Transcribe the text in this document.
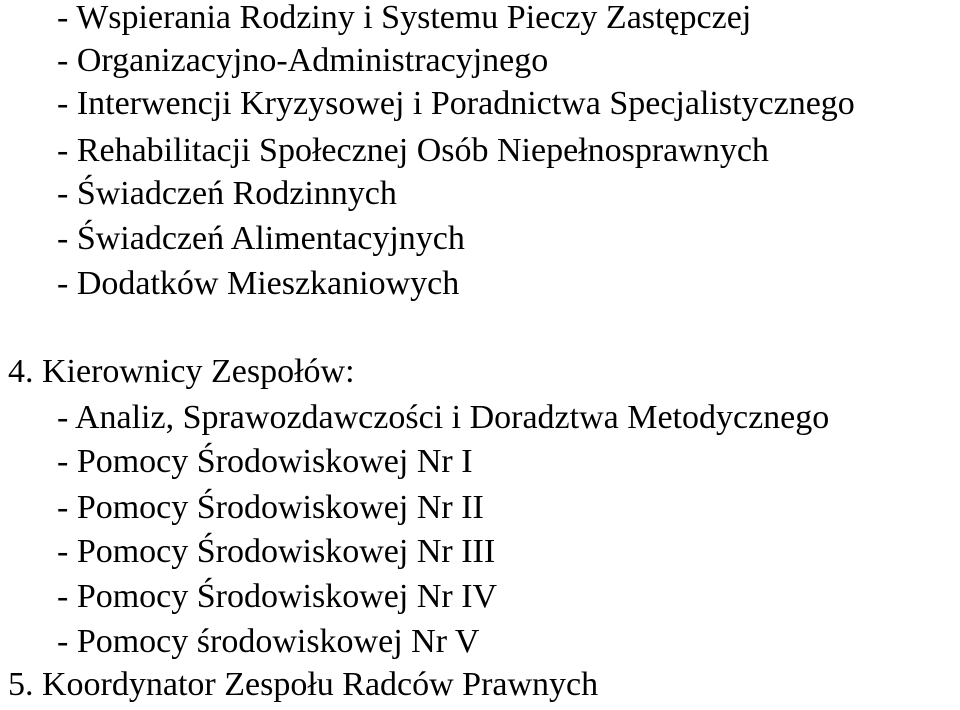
- Wspierania Rodziny i Systemu Pieczy Zastępczej
- Organizacyjno-Administracyjnego
- Interwencji Kryzysowej i Poradnictwa Specjalistycznego
- Rehabilitacji Społecznej Osób Niepełnosprawnych
- Świadczeń Rodzinnych
- Świadczeń Alimentacyjnych
- Dodatków Mieszkaniowych
4. Kierownicy Zespołów:
- Analiz, Sprawozdawczości i Doradztwa Metodycznego
- Pomocy Środowiskowej Nr I
- Pomocy Środowiskowej Nr II
- Pomocy Środowiskowej Nr III
- Pomocy Środowiskowej Nr IV
- Pomocy środowiskowej Nr V
5. Koordynator Zespołu Radców Prawnych
